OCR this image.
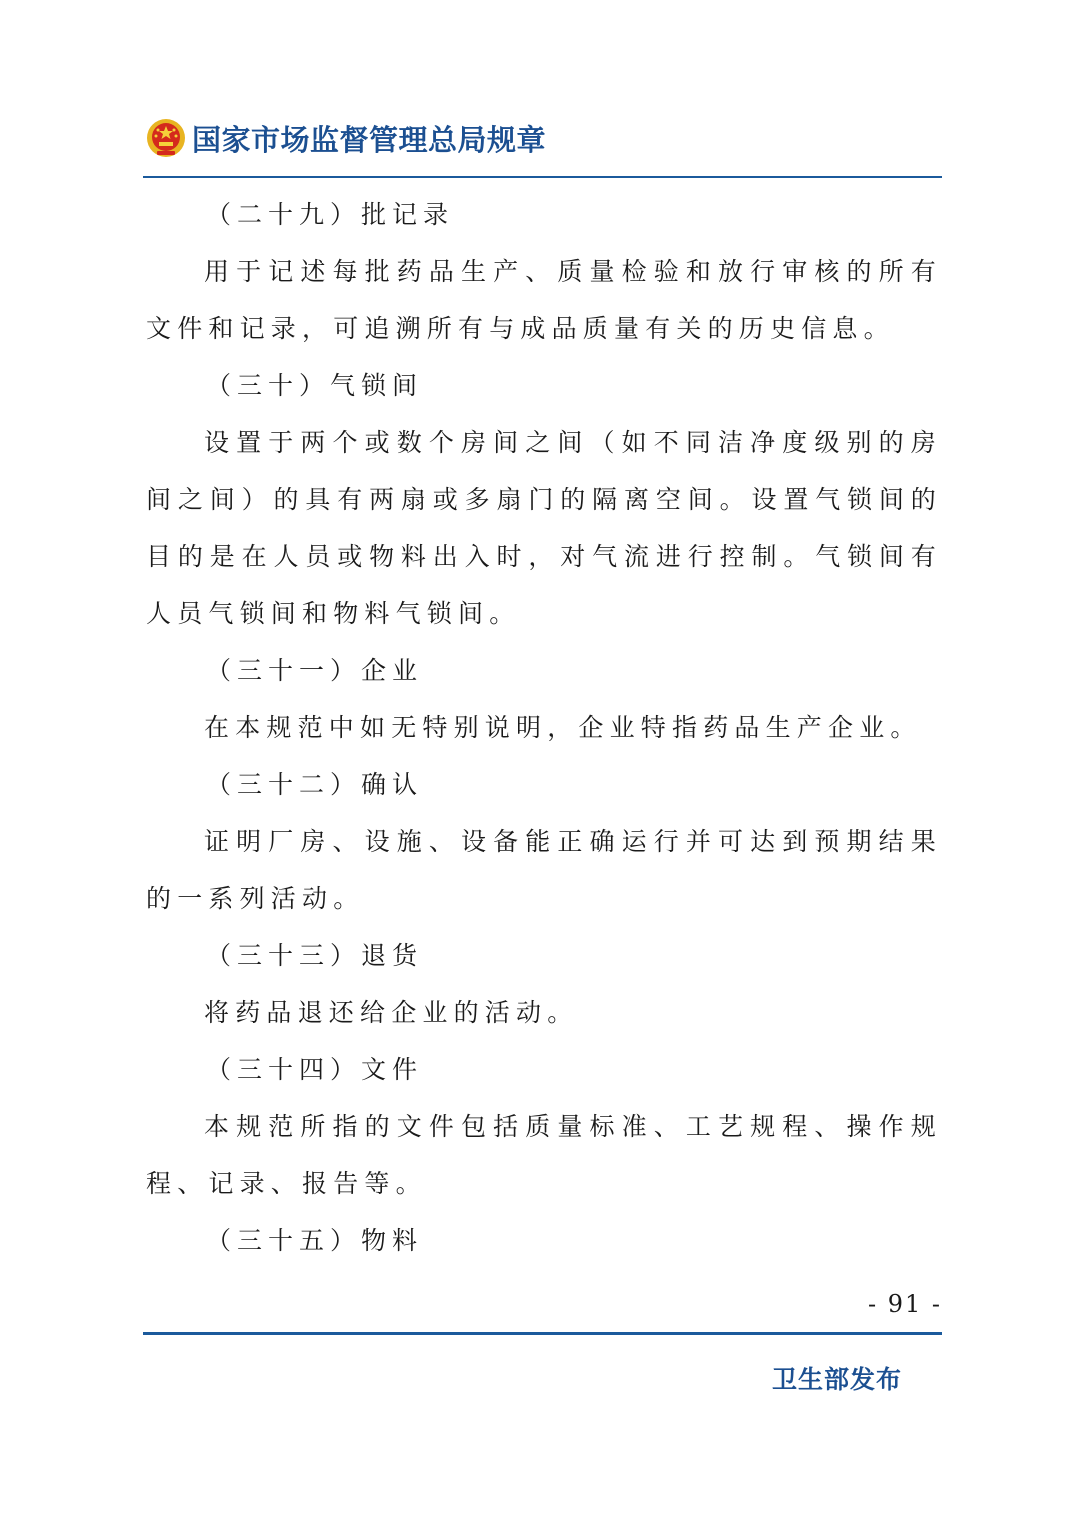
国家市场监督管理总局规章

（二十九）批记录

用于记述每批药品生产、质量检验和放行审核的所有文件和记录，可追溯所有与成品质量有关的历史信息。

（三十）气锁间

设置于两个或数个房间之间（如不同洁净度级别的房间之间）的具有两扇或多扇门的隔离空间。设置气锁间的目的是在人员或物料出入时，对气流进行控制。气锁间有人员气锁间和物料气锁间。

（三十一）企业

在本规范中如无特别说明，企业特指药品生产企业。

（三十二）确认

证明厂房、设施、设备能正确运行并可达到预期结果的一系列活动。

（三十三）退货

将药品退还给企业的活动。

（三十四）文件

本规范所指的文件包括质量标准、工艺规程、操作规程、记录、报告等。

（三十五）物料

- 91 -
卫生部发布
